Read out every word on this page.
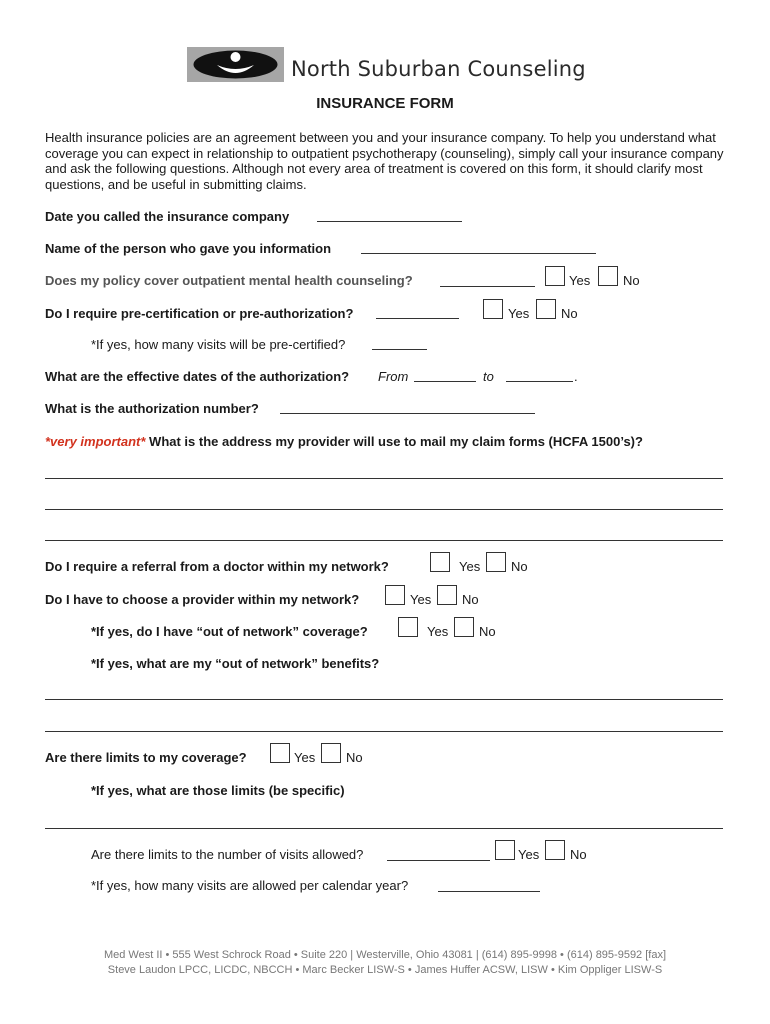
North Suburban Counseling
INSURANCE FORM
Health insurance policies are an agreement between you and your insurance company. To help you understand what coverage you can expect in relationship to outpatient psychotherapy (counseling), simply call your insurance company and ask the following questions. Although not every area of treatment is covered on this form, it should clarify most questions, and be useful in submitting claims.
Date you called the insurance company
Name of the person who gave you information
Does my policy cover outpatient mental health counseling?	Yes	No
Do I require pre-certification or pre-authorization?	Yes No
*If yes, how many visits will be pre-certified?
What are the effective dates of the authorization? From	to	.
What is the authorization number?
*very important* What is the address my provider will use to mail my claim forms (HCFA 1500’s)?
Do I require a referral from a doctor within my network?	Yes No
Do I have to choose a provider within my network?	Yes No
*If yes, do I have “out of network” coverage?	Yes No
*If yes, what are my “out of network” benefits?
Are there limits to my coverage?	Yes No
*If yes, what are those limits (be specific)
Are there limits to the number of visits allowed?	Yes No
*If yes, how many visits are allowed per calendar year?
Med West II • 555 West Schrock Road • Suite 220 | Westerville, Ohio 43081 | (614) 895-9998 • (614) 895-9592 [fax]
Steve Laudon LPCC, LICDC, NBCCH • Marc Becker LISW-S • James Huffer ACSW, LISW • Kim Oppliger LISW-S
